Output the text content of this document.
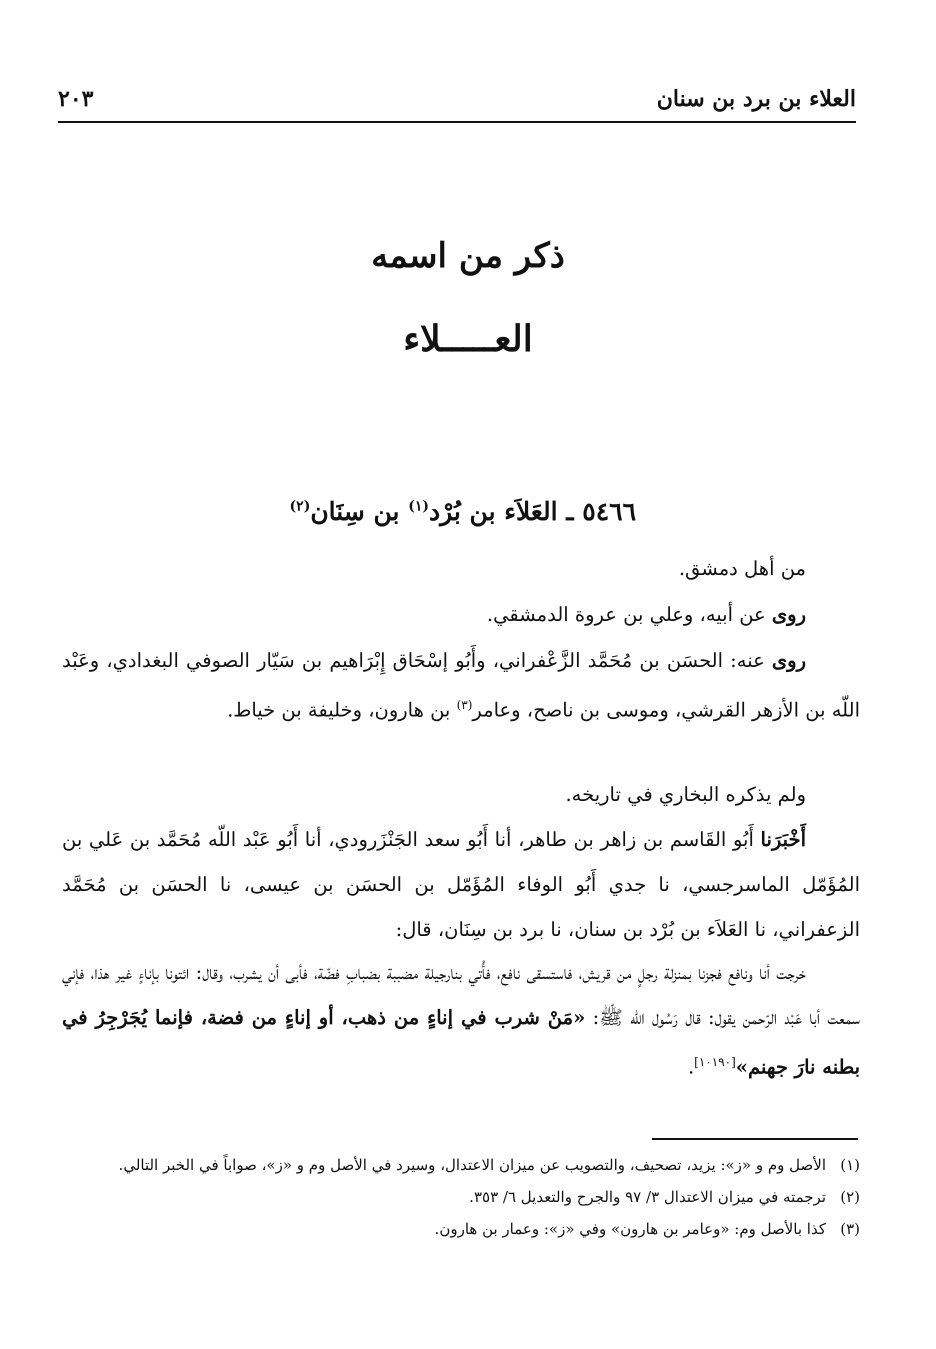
العلاء بن برد بن سنان
٢٠٣
ذكر من اسمه
العـــــلاء
٥٤٦٦ ـ العَلاَء بن بُرْد$^{(١)}$ بن سِنَان$^{(٢)}$
من أهل دمشق.
روى عن أبيه، وعلي بن عروة الدمشقي.
روى عنه: الحسَن بن مُحَمَّد الزَّعْفراني، وأَبُو إسْحَاق إِبْرَاهيم بن سَيّار الصوفي البغدادي، وعَبْد اللّه بن الأزهر القرشي، وموسى بن ناصح، وعامر$^{(٣)}$ بن هارون، وخليفة بن خياط.
ولم يذكره البخاري في تاريخه.
أَخْبَرَنا أَبُو القَاسم بن زاهر بن طاهر، أنا أَبُو سعد الجَنْزَرودي، أنا أَبُو عَبْد اللّه مُحَمَّد بن عَلي بن المُؤَمّل الماسرجسي، نا جدي أَبُو الوفاء المُؤَمّل بن الحسَن بن عيسى، نا الحسَن بن مُحَمَّد الزعفراني، نا العَلاَء بن بُرْد بن سنان، نا برد بن سِنَان، قال:
خرجت أنا ونافع فجزنا بمنزلة رجلٍ من قريش، فاستسقى نافع، فأُتي بنارجيلة مضببة بضبابِ فضّة، فأبى أن يشرب، وقال: ائتونا بإناءٍ غير هذا، فإني سمعت أبا عَبْد الرّحمن يقول: قال رَسُول اللّه ﷺ: «مَنْ شرب في إناءٍ من ذهب، أو إناءٍ من فضة، فإنما يُجَرْجِرُ في بطنه نارَ جهنم»[١٠١٩٠].
(١)
الأصل وم و «ز»: يزيد، تصحيف، والتصويب عن ميزان الاعتدال، وسيرد في الأصل وم و «ز»، صواباً في الخبر التالي.
(٢)
ترجمته في ميزان الاعتدال ٣/ ٩٧ والجرح والتعديل ٦/ ٣٥٣.
(٣)
كذا بالأصل وم: «وعامر بن هارون» وفي «ز»: وعمار بن هارون.
